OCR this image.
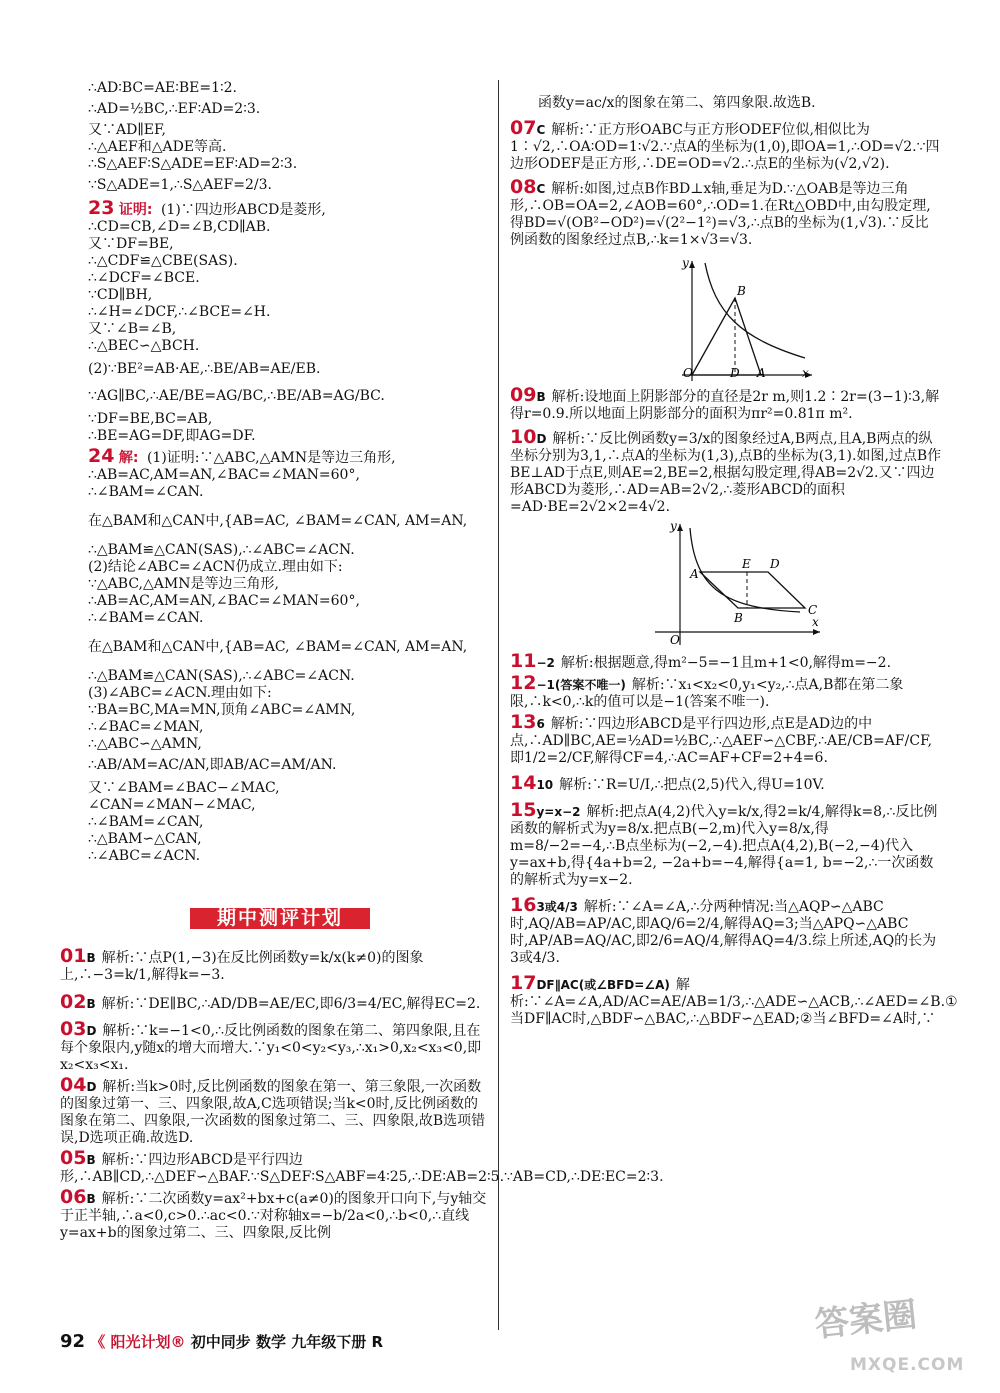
∴AD∶BC=AE∶BE=1∶2.
∴AD=½BC,∴EF∶AD=2∶3.
又∵AD∥EF,
∴△AEF和△ADE等高.
∴S△AEF∶S△ADE=EF∶AD=2∶3.
∵S△ADE=1,∴S△AEF=2/3.
23 证明: (1)∵四边形ABCD是菱形,
∴CD=CB,∠D=∠B,CD∥AB.
又∵DF=BE,
∴△CDF≌△CBE(SAS).
∴∠DCF=∠BCE.
∵CD∥BH,
∴∠H=∠DCF,∴∠BCE=∠H.
又∵∠B=∠B,
∴△BEC∽△BCH.
(2)∵BE²=AB·AE,∴BE/AB=AE/EB.
∵AG∥BC,∴AE/BE=AG/BC,∴BE/AB=AG/BC.
∵DF=BE,BC=AB,
∴BE=AG=DF,即AG=DF.
24 解: (1)证明:∵△ABC,△AMN是等边三角形,
∴AB=AC,AM=AN,∠BAC=∠MAN=60°,
∴∠BAM=∠CAN.
在△BAM和△CAN中,{AB=AC, ∠BAM=∠CAN, AM=AN,
∴△BAM≌△CAN(SAS),∴∠ABC=∠ACN.
(2)结论∠ABC=∠ACN仍成立.理由如下:
∵△ABC,△AMN是等边三角形,
∴AB=AC,AM=AN,∠BAC=∠MAN=60°,
∴∠BAM=∠CAN.
在△BAM和△CAN中,{AB=AC, ∠BAM=∠CAN, AM=AN,
∴△BAM≌△CAN(SAS),∴∠ABC=∠ACN.
(3)∠ABC=∠ACN.理由如下:
∵BA=BC,MA=MN,顶角∠ABC=∠AMN,
∴∠BAC=∠MAN,
∴△ABC∽△AMN,
∴AB/AM=AC/AN,即AB/AC=AM/AN.
又∵∠BAM=∠BAC−∠MAC,
∠CAN=∠MAN−∠MAC,
∴∠BAM=∠CAN,
∴△BAM∽△CAN,
∴∠ABC=∠ACN.
期中测评计划
01B 解析:∵点P(1,−3)在反比例函数y=k/x(k≠0)的图象上,∴−3=k/1,解得k=−3.
02B 解析:∵DE∥BC,∴AD/DB=AE/EC,即6/3=4/EC,解得EC=2.
03D 解析:∵k=−1<0,∴反比例函数的图象在第二、第四象限,且在每个象限内,y随x的增大而增大.∵y₁<0<y₂<y₃,∴x₁>0,x₂<x₃<0,即x₂<x₃<x₁.
04D 解析:当k>0时,反比例函数的图象在第一、第三象限,一次函数的图象过第一、三、四象限,故A,C选项错误;当k<0时,反比例函数的图象在第二、四象限,一次函数的图象过第二、三、四象限,故B选项错误,D选项正确.故选D.
05B 解析:∵四边形ABCD是平行四边形,∴AB∥CD,∴△DEF∽△BAF.∵S△DEF∶S△ABF=4∶25,∴DE∶AB=2∶5.∵AB=CD,∴DE∶EC=2∶3.
06B 解析:∵二次函数y=ax²+bx+c(a≠0)的图象开口向下,与y轴交于正半轴,∴a<0,c>0.∴ac<0.∵对称轴x=−b/2a<0,∴b<0,∴直线y=ax+b的图象过第二、三、四象限,反比例
函数y=ac/x的图象在第二、第四象限.故选B.
07C 解析:∵正方形OABC与正方形ODEF位似,相似比为1∶√2,∴OA∶OD=1∶√2.∵点A的坐标为(1,0),即OA=1,∴OD=√2.∵四边形ODEF是正方形,∴DE=OD=√2.∴点E的坐标为(√2,√2).
08C 解析:如图,过点B作BD⊥x轴,垂足为D.∵△OAB是等边三角形,∴OB=OA=2,∠AOB=60°,∴OD=1.在Rt△OBD中,由勾股定理,得BD=√(OB²−OD²)=√(2²−1²)=√3,∴点B的坐标为(1,√3).∵反比例函数的图象经过点B,∴k=1×√3=√3.
y
B
O	D A	x
09B 解析:设地面上阴影部分的直径是2r m,则1.2∶2r=(3−1)∶3,解得r=0.9.所以地面上阴影部分的面积为πr²=0.81π m².
10D 解析:∵反比例函数y=3/x的图象经过A,B两点,且A,B两点的纵坐标分别为3,1,∴点A的坐标为(1,3),点B的坐标为(3,1).如图,过点B作BE⊥AD于点E,则AE=2,BE=2,根据勾股定理,得AB=2√2.又∵四边形ABCD为菱形,∴AD=AB=2√2,∴菱形ABCD的面积=AD·BE=2√2×2=4√2.
y
A
E D
B
C
O
x
11−2 解析:根据题意,得m²−5=−1且m+1<0,解得m=−2.
12−1(答案不唯一) 解析:∵x₁<x₂<0,y₁<y₂,∴点A,B都在第二象限,∴k<0,∴k的值可以是−1(答案不唯一).
136 解析:∵四边形ABCD是平行四边形,点E是AD边的中点,∴AD∥BC,AE=½AD=½BC,∴△AEF∽△CBF,∴AE/CB=AF/CF,即1/2=2/CF,解得CF=4,∴AC=AF+CF=2+4=6.
1410 解析:∵R=U/I,∴把点(2,5)代入,得U=10V.
15y=x−2 解析:把点A(4,2)代入y=k/x,得2=k/4,解得k=8,∴反比例函数的解析式为y=8/x.把点B(−2,m)代入y=8/x,得m=8/−2=−4,∴B点坐标为(−2,−4).把点A(4,2),B(−2,−4)代入y=ax+b,得{4a+b=2, −2a+b=−4,解得{a=1, b=−2,∴一次函数的解析式为y=x−2.
163或4/3 解析:∵∠A=∠A,∴分两种情况:当△AQP∽△ABC时,AQ/AB=AP/AC,即AQ/6=2/4,解得AQ=3;当△APQ∽△ABC时,AP/AB=AQ/AC,即2/6=AQ/4,解得AQ=4/3.综上所述,AQ的长为3或4/3.
17DF∥AC(或∠BFD=∠A) 解析:∵∠A=∠A,AD/AC=AE/AB=1/3,∴△ADE∽△ACB,∴∠AED=∠B.①当DF∥AC时,△BDF∽△BAC,∴△BDF∽△EAD;②当∠BFD=∠A时,∵
92 《 阳光计划® 初中同步 数学 九年级下册 R	答案圈
MXQE.COM
